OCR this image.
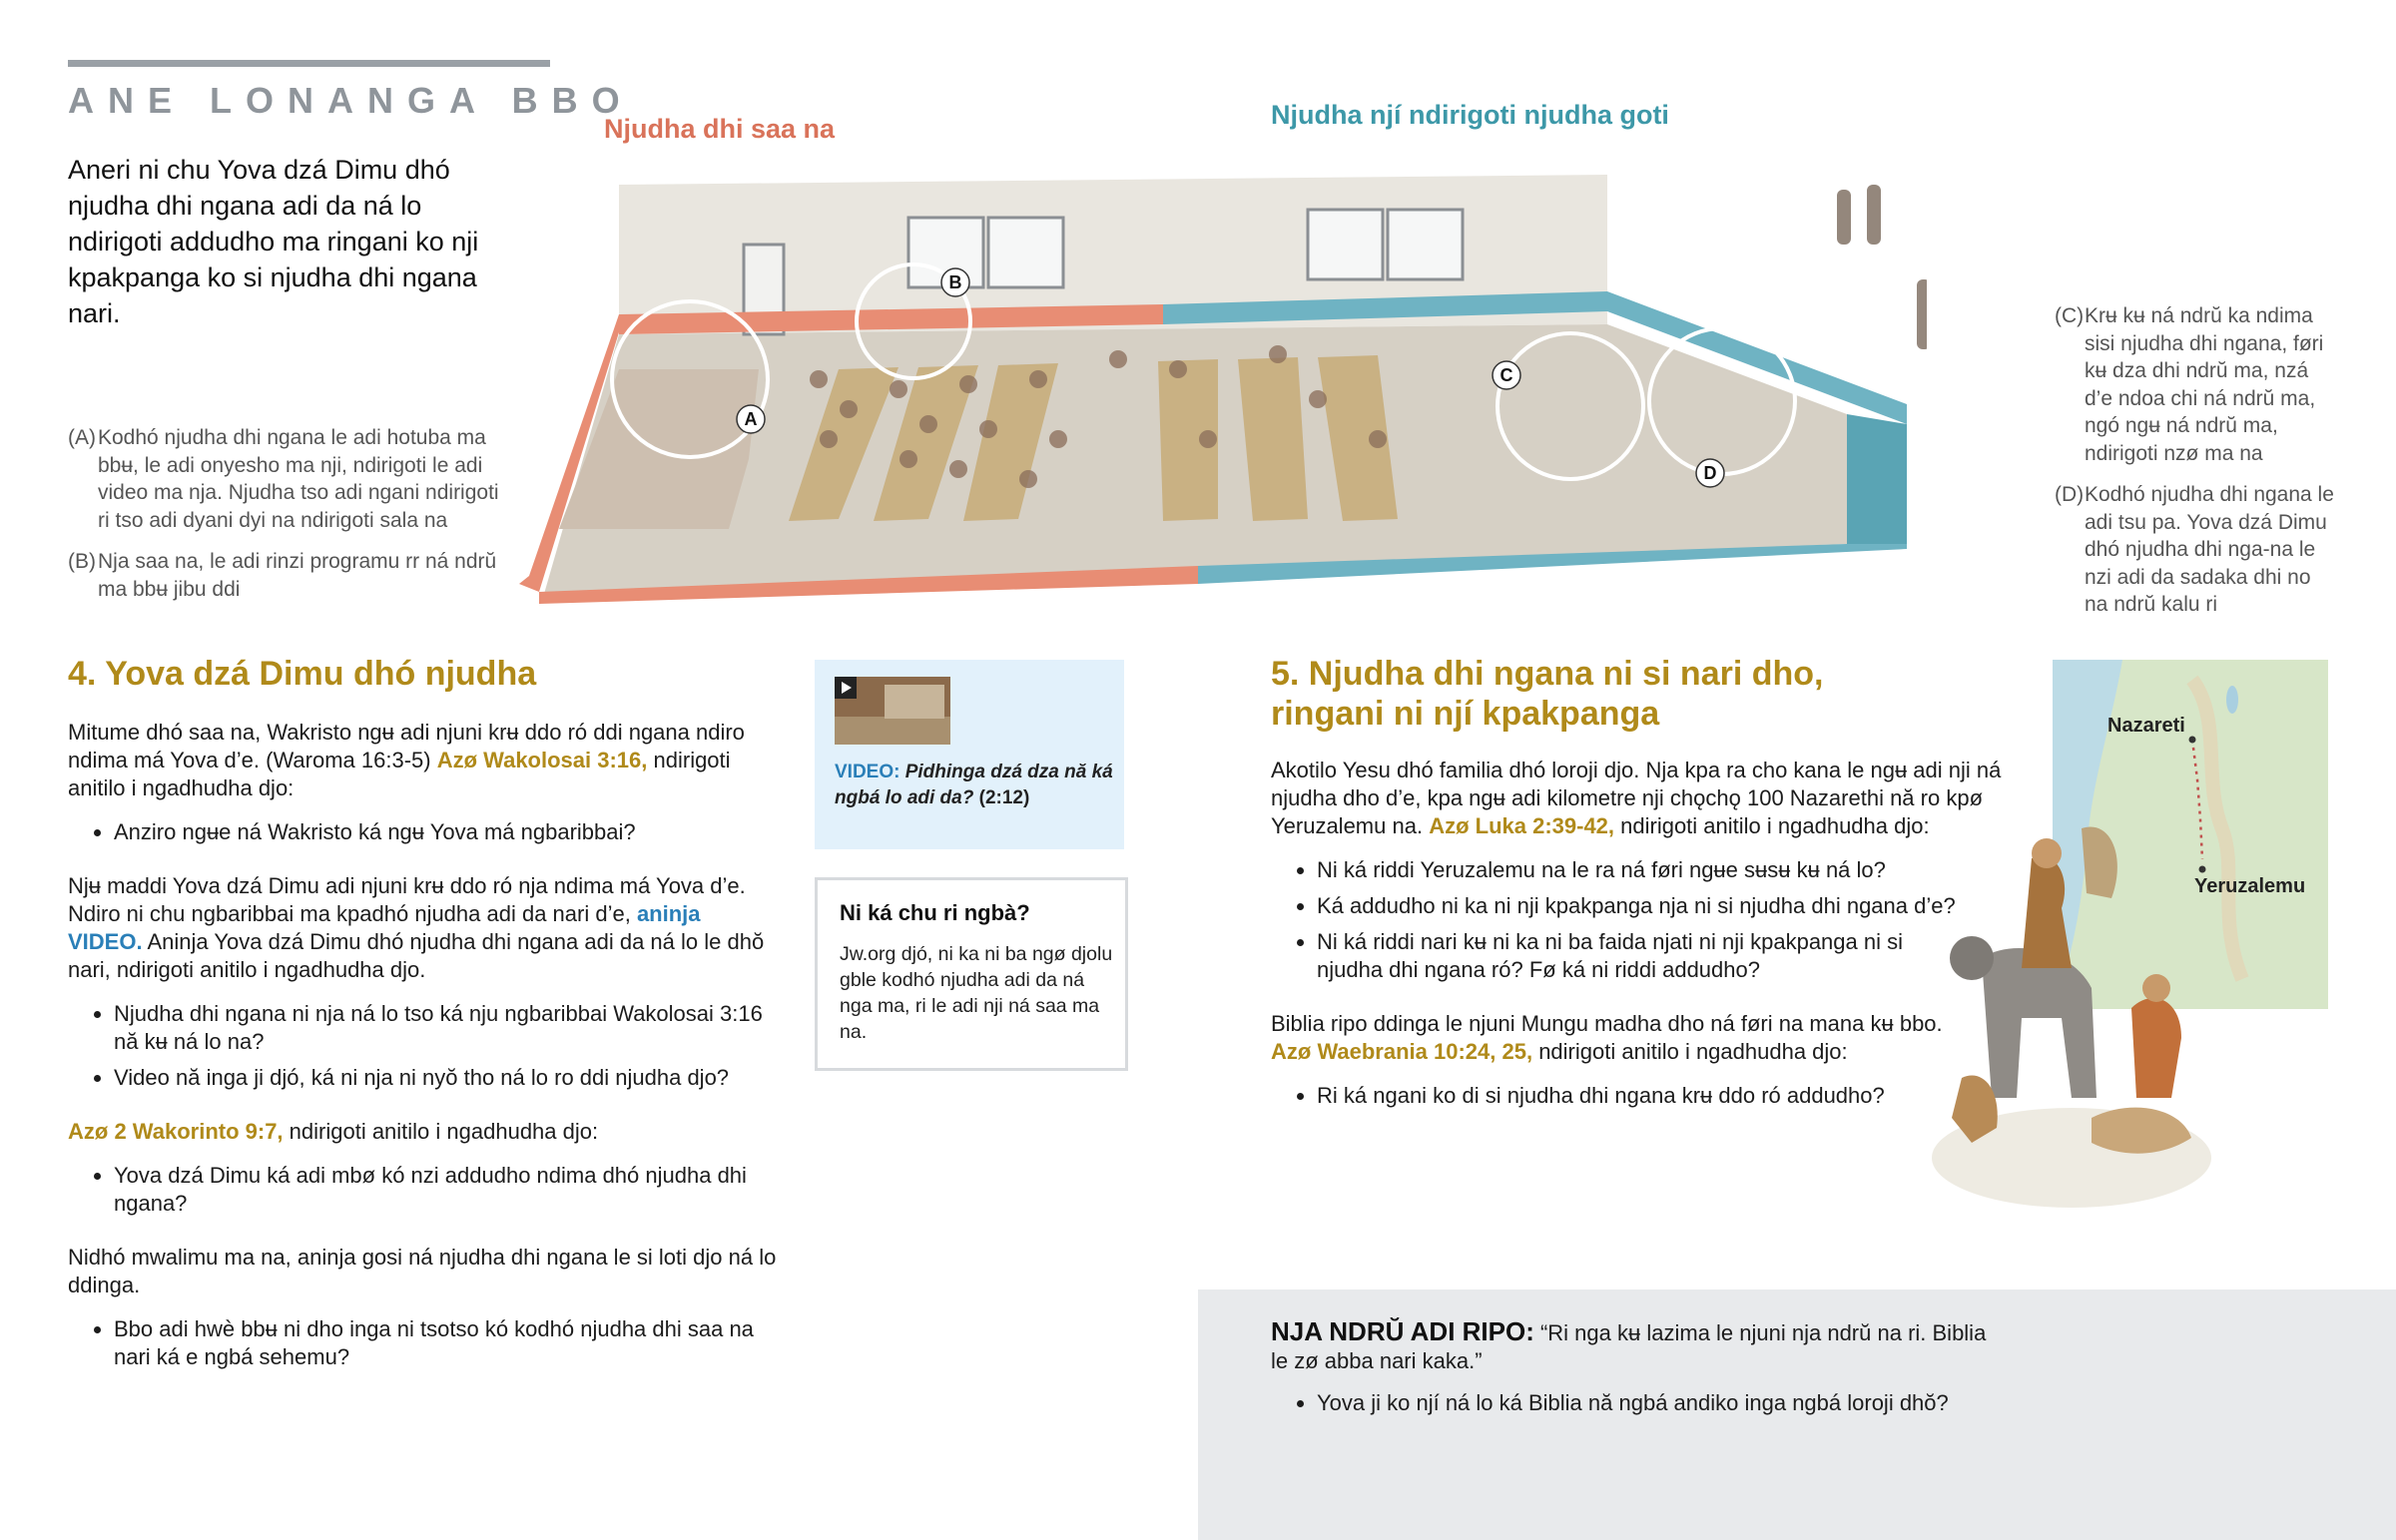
ANE LONANGA BBO
Aneri ni chu Yova dzá Dimu dhó njudha dhi ngana adi da ná lo ndirigoti addudho ma ringani ko nji kpakpanga ko si njudha dhi ngana nari.
(A) Kodhó njudha dhi ngana le adi hotuba ma bbʉ, le adi onyesho ma nji, ndirigoti le adi video ma nja. Njudha tso adi ngani ndirigoti ri tso adi dyani dyi na ndirigoti sala na
(B) Nja saa na, le adi rinzi programu rr ná ndrŭ ma bbʉ jibu ddi
Njudha dhi saa na	Njudha njí ndirigoti njudha goti
A
B
C
D
(C) Krʉ kʉ ná ndrŭ ka ndima sisi njudha dhi ngana, føri kʉ dza dhi ndrŭ ma, nzá d’e ndoa chi ná ndrŭ ma, ngó ngʉ ná ndrŭ ma, ndirigoti nzø ma na
(D) Kodhó njudha dhi ngana le adi tsu pa. Yova dzá Dimu dhó njudha dhi nga-na le nzi adi da sadaka dhi no na ndrŭ kalu ri
4. Yova dzá Dimu dhó njudha

Mitume dhó saa na, Wakristo ngʉ adi njuni krʉ ddo ró ddi ngana ndiro ndima má Yova d’e. (Waroma 16:3-5) Azø Wakolosai 3:16, ndirigoti anitilo i ngadhudha djo:

• Anziro ngʉe ná Wakristo ká ngʉ Yova má ngbaribbai?

Njʉ maddi Yova dzá Dimu adi njuni krʉ ddo ró nja ndima má Yova d’e. Ndiro ni chu ngbaribbai ma kpadhó njudha adi da nari d’e, aninja VIDEO. Aninja Yova dzá Dimu dhó njudha dhi ngana adi da ná lo le dhŏ nari, ndirigoti anitilo i ngadhudha djo.

• Njudha dhi ngana ni nja ná lo tso ká nju ngbaribbai Wakolosai 3:16 nă kʉ ná lo na?
• Video nă inga ji djó, ká ni nja ni nyŏ tho ná lo ro ddi njudha djo?

Azø 2 Wakorinto 9:7, ndirigoti anitilo i ngadhudha djo:

• Yova dzá Dimu ká adi mbø kó nzi addudho ndima dhó njudha dhi ngana?

Nidhó mwalimu ma na, aninja gosi ná njudha dhi ngana le si loti djo ná lo ddinga.

• Bbo adi hwè bbʉ ni dho inga ni tsotso kó kodhó njudha dhi saa na nari ká e ngbá sehemu?
VIDEO: Pidhinga dzá dza nă ká ngbá lo adi da? (2:12)
Ni ká chu ri ngbà?
Jw.org djó, ni ka ni ba ngø djolu gble kodhó njudha adi da ná nga ma, ri le adi nji ná saa ma na.
5. Njudha dhi ngana ni si nari dho,
ringani ni njí kpakpanga

Akotilo Yesu dhó familia dhó loroji djo. Nja kpa ra cho kana le ngʉ adi nji ná njudha dho d’e, kpa ngʉ adi kilometre nji chǫchǫ 100 Nazarethi nă ro kpø Yeruzalemu na. Azø Luka 2:39-42, ndirigoti anitilo i ngadhudha djo:

• Ni ká riddi Yeruzalemu na le ra ná føri ngʉe sʉsʉ kʉ ná lo?
• Ká addudho ni ka ni nji kpakpanga nja ni si njudha dhi ngana d’e?
• Ni ká riddi nari kʉ ni ka ni ba faida njati ni nji kpakpanga ni si njudha dhi ngana ró? Fø ká ni riddi addudho?

Biblia ripo ddinga le njuni Mungu madha dho ná føri na mana kʉ bbo. Azø Waebrania 10:24, 25, ndirigoti anitilo i ngadhudha djo:

• Ri ká ngani ko di si njudha dhi ngana krʉ ddo ró addudho?
Nazareti
Yeruzalemu

NJA NDRŬ ADI RIPO: “Ri nga kʉ lazima le njuni nja ndrŭ na ri. Biblia le zø abba nari kaka.”

• Yova ji ko njí ná lo ká Biblia nă ngbá andiko inga ngbá loroji dhŏ?
